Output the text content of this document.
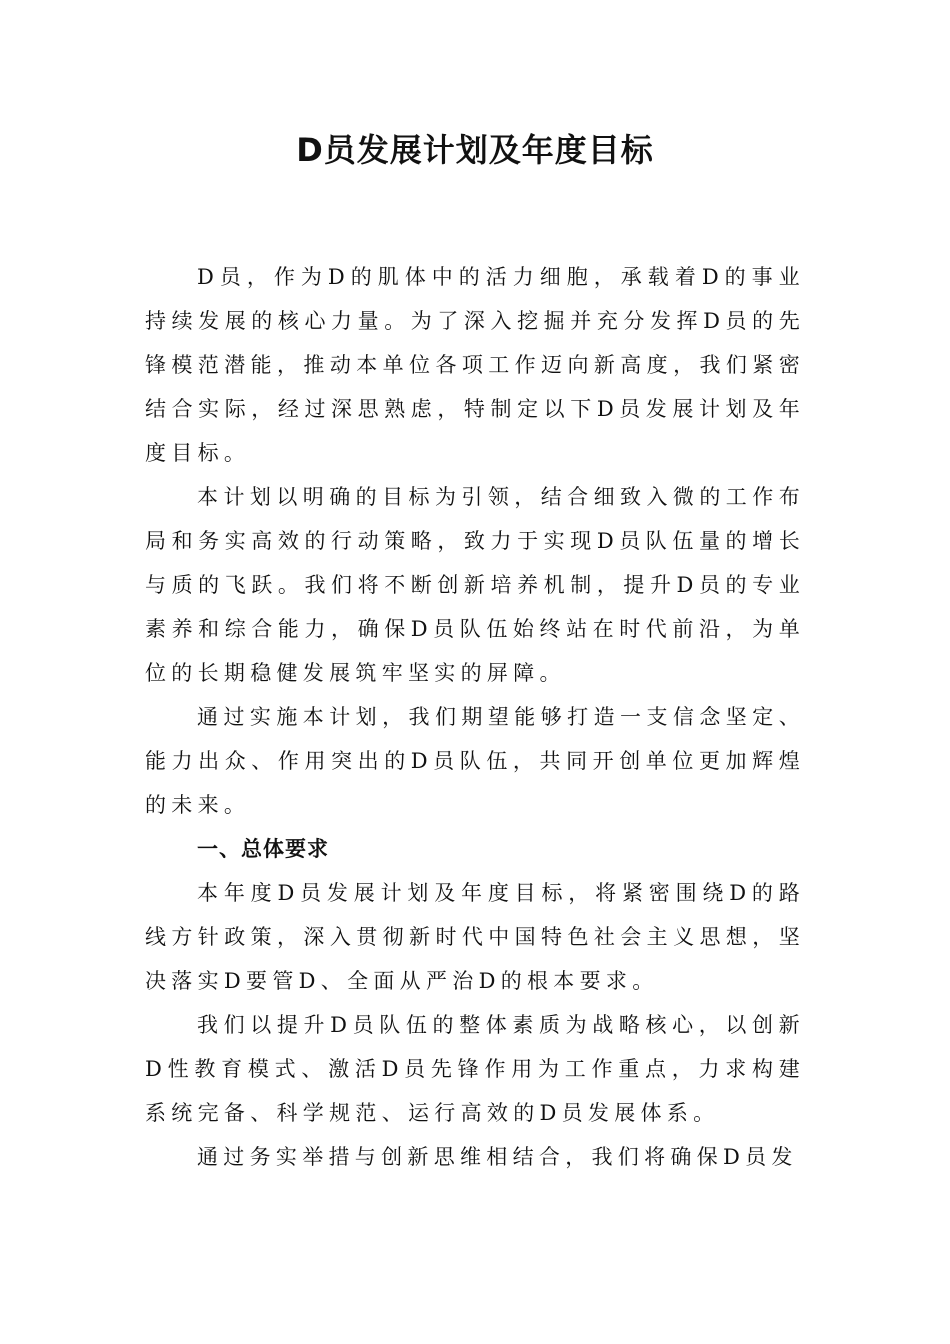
D员发展计划及年度目标

D员，作为D的肌体中的活力细胞，承载着D的事业持续发展的核心力量。为了深入挖掘并充分发挥D员的先锋模范潜能，推动本单位各项工作迈向新高度，我们紧密结合实际，经过深思熟虑，特制定以下D员发展计划及年度目标。

本计划以明确的目标为引领，结合细致入微的工作布局和务实高效的行动策略，致力于实现D员队伍量的增长与质的飞跃。我们将不断创新培养机制，提升D员的专业素养和综合能力，确保D员队伍始终站在时代前沿，为单位的长期稳健发展筑牢坚实的屏障。

通过实施本计划，我们期望能够打造一支信念坚定、能力出众、作用突出的D员队伍，共同开创单位更加辉煌的未来。

一、总体要求

本年度D员发展计划及年度目标，将紧密围绕D的路线方针政策，深入贯彻新时代中国特色社会主义思想，坚决落实D要管D、全面从严治D的根本要求。

我们以提升D员队伍的整体素质为战略核心，以创新D性教育模式、激活D员先锋作用为工作重点，力求构建系统完备、科学规范、运行高效的D员发展体系。

通过务实举措与创新思维相结合，我们将确保D员发
